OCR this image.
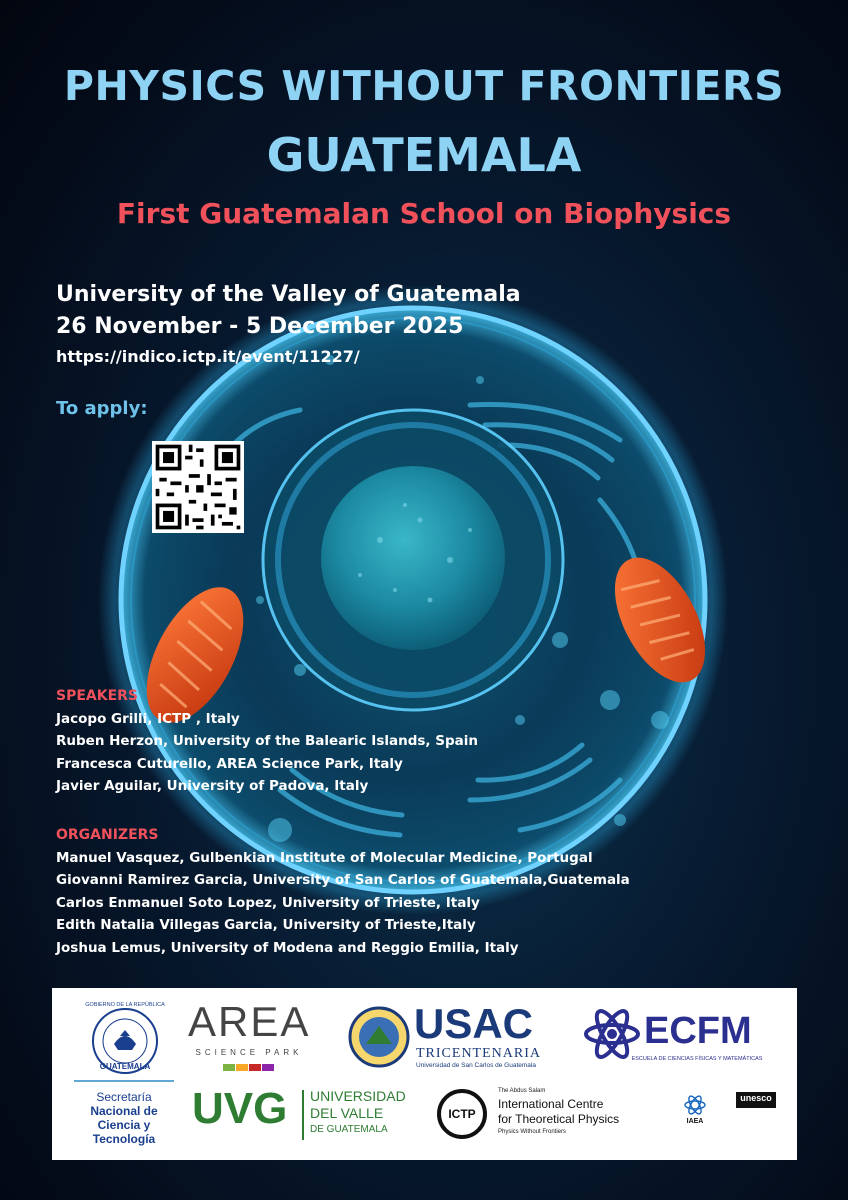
PHYSICS WITHOUT FRONTIERS
GUATEMALA
First Guatemalan School on Biophysics
University of the Valley of Guatemala
26 November - 5 December 2025
https://indico.ictp.it/event/11227/
To apply:
SPEAKERS
Jacopo Grilli, ICTP , Italy
Ruben Herzon, University of the Balearic Islands, Spain
Francesca Cuturello, AREA Science Park, Italy
Javier Aguilar, University of Padova, Italy
ORGANIZERS
Manuel Vasquez, Gulbenkian Institute of Molecular Medicine, Portugal
Giovanni Ramirez Garcia, University of San Carlos of Guatemala,Guatemala
Carlos Enmanuel Soto Lopez, University of Trieste, Italy
Edith Natalia Villegas Garcia, University of Trieste,Italy
Joshua Lemus, University of Modena and Reggio Emilia, Italy
GOBIERNO DE LA REPÚBLICA
GUATEMALA
Secretaría
Nacional de
Ciencia y
Tecnología
AREA
SCIENCE PARK
USAC
TRICENTENARIA
Universidad de San Carlos de Guatemala
ECFM
ESCUELA DE CIENCIAS FÍSICAS Y MATEMÁTICAS
UVG UNIVERSIDAD
DEL VALLE
DE GUATEMALA
ICTP
The Abdus Salam
International Centre
for Theoretical Physics
Physics Without Frontiers
IAEA
unesco
